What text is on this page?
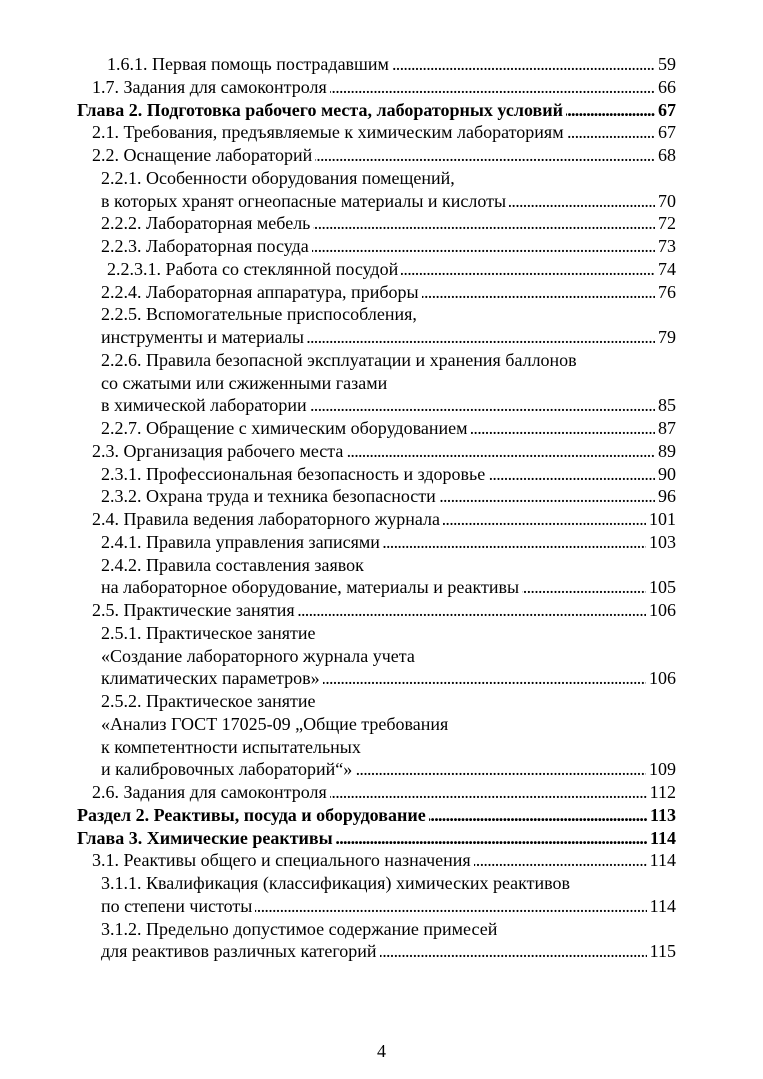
1.6.1. Первая помощь пострадавшим	59
. . .
1.7. Задания для самоконтроля	66
. . .
Глава 2. Подготовка рабочего места, лабораторных условий	67
. . .
2.1. Требования, предъявляемые к химическим лабораториям	67
. . .
2.2. Оснащение лабораторий	68
. . .
2.2.1. Особенности оборудования помещений,
в которых хранят огнеопасные материалы и кислоты	70
. . .
2.2.2. Лабораторная мебель	72
. . .
2.2.3. Лабораторная посуда	73
. . .
2.2.3.1. Работа со стеклянной посудой	74
. . .
2.2.4. Лабораторная аппаратура, приборы	76
. . .
2.2.5. Вспомогательные приспособления,
инструменты и материалы	79
. . .
2.2.6. Правила безопасной эксплуатации и хранения баллонов
со сжатыми или сжиженными газами
в химической лаборатории	85
. . .
2.2.7. Обращение с химическим оборудованием	87
. . .
2.3. Организация рабочего места	89
. . .
2.3.1. Профессиональная безопасность и здоровье	90
. . .
2.3.2. Охрана труда и техника безопасности	96
. . .
2.4. Правила ведения лабораторного журнала	101
. . .
2.4.1. Правила управления записями	103
. . .
2.4.2. Правила составления заявок
на лабораторное оборудование, материалы и реактивы	105
. . .
2.5. Практические занятия	106
. . .
2.5.1. Практическое занятие
«Создание лабораторного журнала учета
климатических параметров»	106
. . .
2.5.2. Практическое занятие
«Анализ ГОСТ 17025-09 „Общие требования
к компетентности испытательных
и калибровочных лабораторий“»	109
. . .
2.6. Задания для самоконтроля	112
. . .
Раздел 2. Реактивы, посуда и оборудование	113
. . .
Глава 3. Химические реактивы	114
. . .
3.1. Реактивы общего и специального назначения	114
. . .
3.1.1. Квалификация (классификация) химических реактивов
по степени чистоты	114
. . .
3.1.2. Предельно допустимое содержание примесей
для реактивов различных категорий	115
. . .
4
